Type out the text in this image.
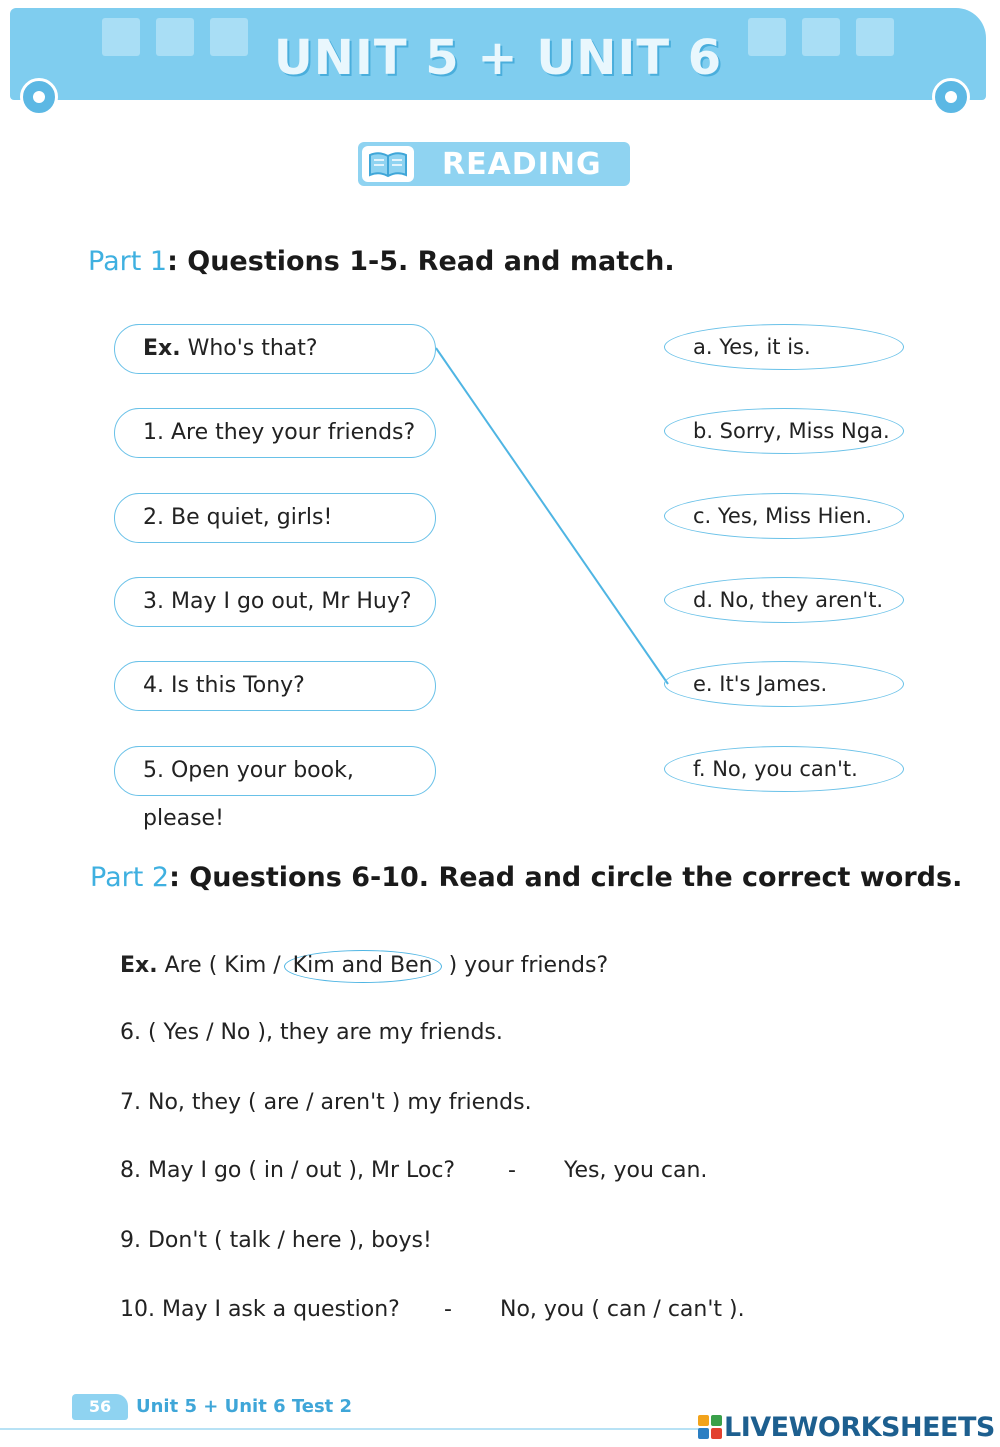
UNIT 5 + UNIT 6
READING
Part 1: Questions 1-5. Read and match.
Ex. Who's that?
1. Are they your friends?
2. Be quiet, girls!
3. May I go out, Mr Huy?
4. Is this Tony?
5. Open your book, please!
a. Yes, it is.
b. Sorry, Miss Nga.
c. Yes, Miss Hien.
d. No, they aren't.
e. It's James.
f. No, you can't.
Part 2: Questions 6-10. Read and circle the correct words.
Ex. Are ( Kim / Kim and Ben ) your friends?
6. ( Yes / No ), they are my friends.
7. No, they ( are / aren't ) my friends.
8. May I go ( in / out ), Mr Loc? - Yes, you can.
9. Don't ( talk / here ), boys!
10. May I ask a question? - No, you ( can / can't ).
56	Unit 5 + Unit 6 Test 2
LIVEWORKSHEETS
